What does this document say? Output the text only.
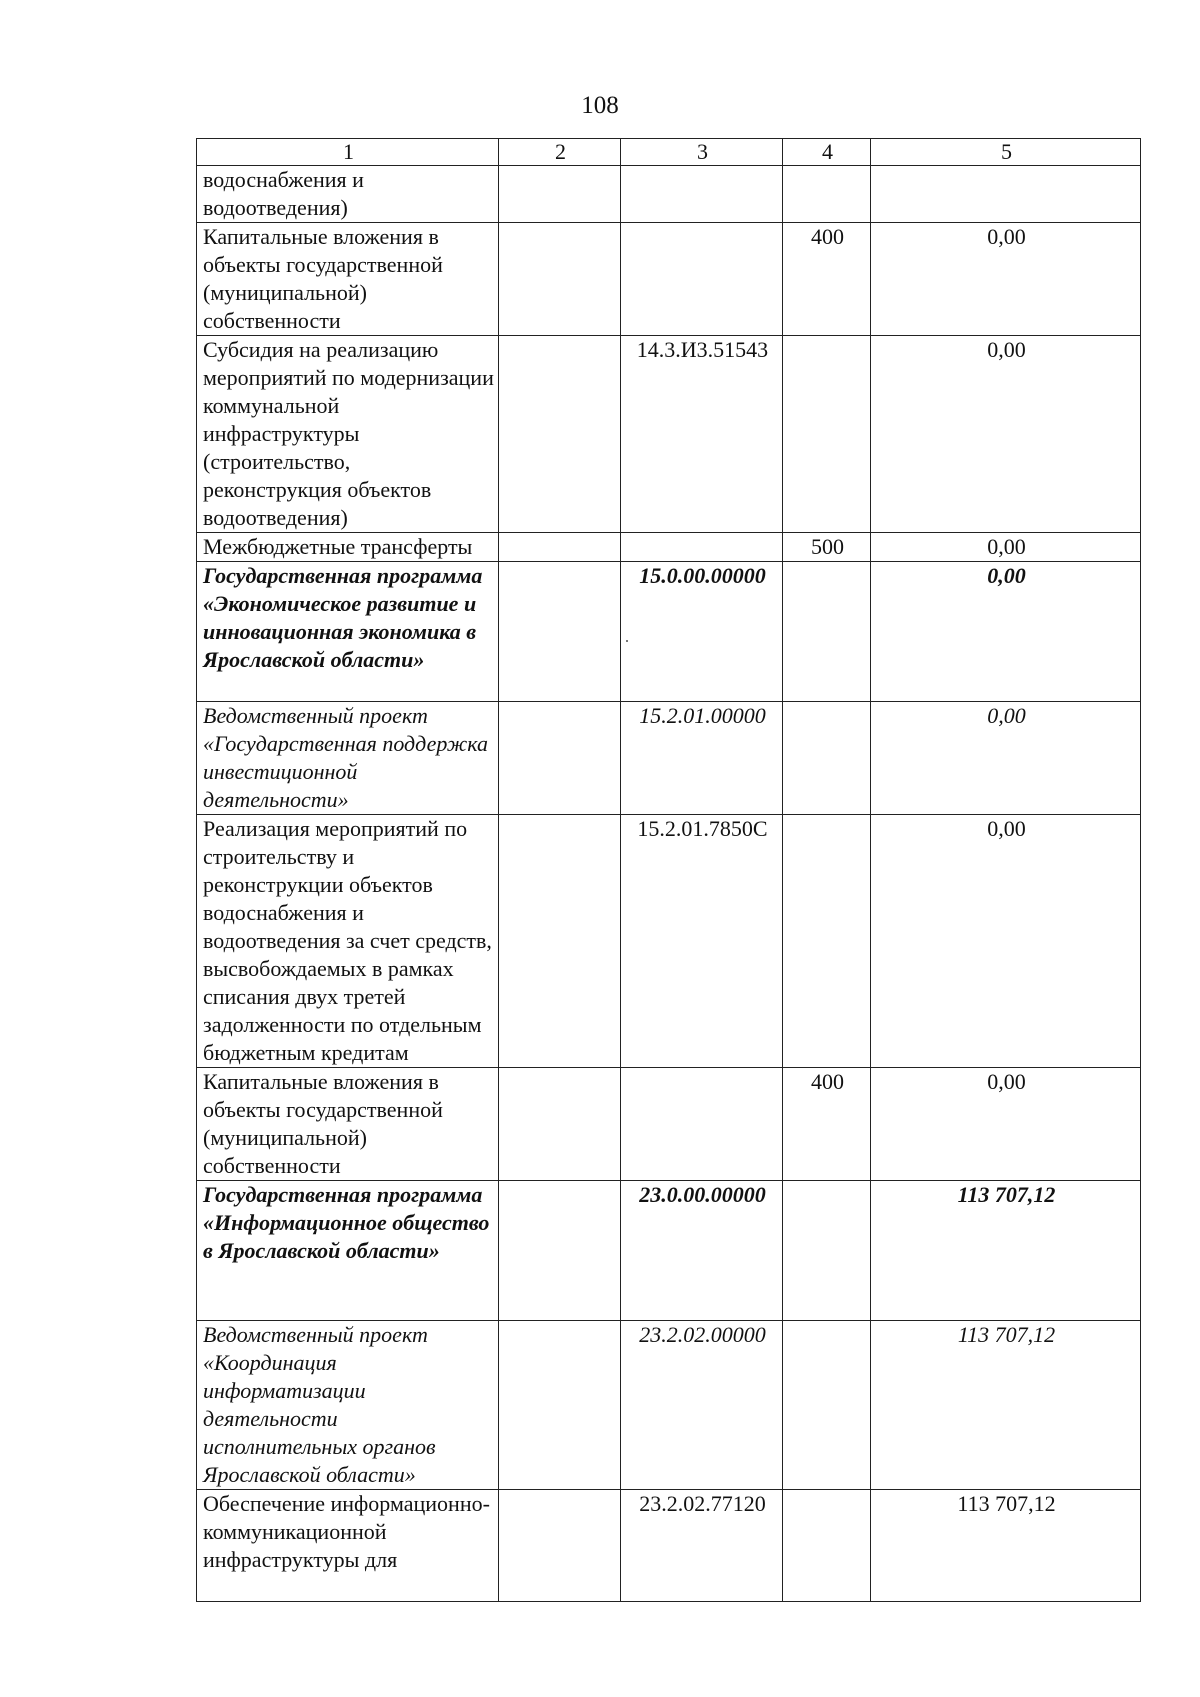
108
1	2	3	4	5
водоснабжения и водоотведения)				
Капитальные вложения в объекты государственной (муниципальной) собственности			400	0,00
Субсидия на реализацию мероприятий по модернизации коммунальной инфраструктуры (строительство, реконструкция объектов водоотведения)		14.3.И3.51543		0,00
Межбюджетные трансферты			500	0,00
Государственная программа «Экономическое развитие и инновационная экономика в Ярославской области»		15.0.00.00000		0,00
Ведомственный проект «Государственная поддержка инвестиционной деятельности»		15.2.01.00000		0,00
Реализация мероприятий по строительству и реконструкции объектов водоснабжения и водоотведения за счет средств, высвобождаемых в рамках списания двух третей задолженности по отдельным бюджетным кредитам		15.2.01.7850С		0,00
Капитальные вложения в объекты государственной (муниципальной) собственности			400	0,00
Государственная программа «Информационное общество в Ярославской области»		23.0.00.00000		113 707,12
Ведомственный проект «Координация информатизации деятельности исполнительных органов Ярославской области»		23.2.02.00000		113 707,12
Обеспечение информационно-коммуникационной инфраструктуры для		23.2.02.77120		113 707,12
